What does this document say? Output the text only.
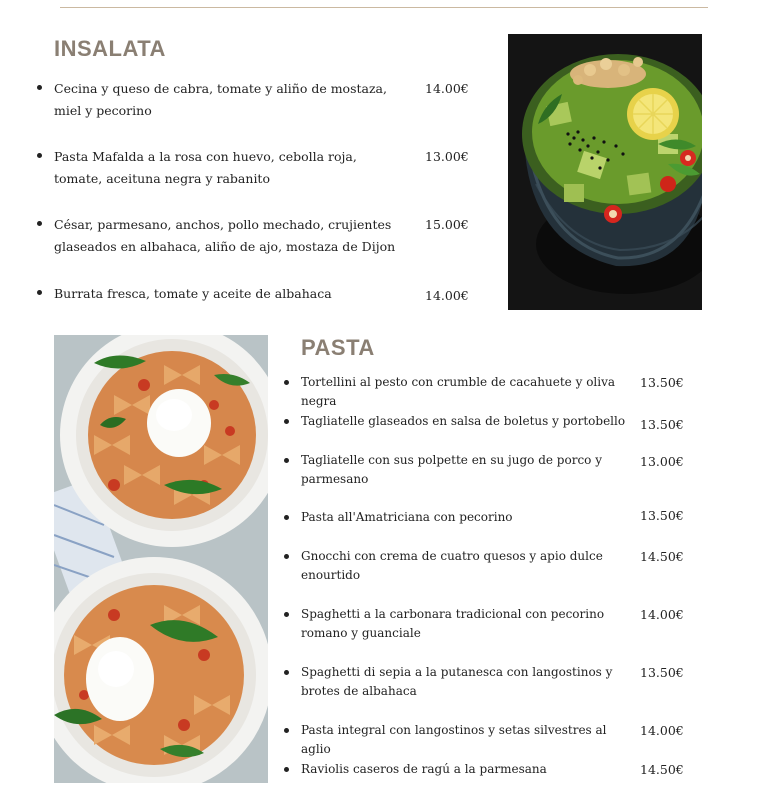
INSALATA
• Cecina y queso de cabra, tomate y aliño de mostaza, miel y pecorino
14.00€
• Pasta Mafalda a la rosa con huevo, cebolla roja, tomate, aceituna negra y rabanito
13.00€
• César, parmesano, anchos, pollo mechado, crujientes glaseados en albahaca, aliño de ajo, mostaza de Dijon
15.00€
• Burrata fresca, tomate y aceite de albahaca	14.00€
PASTA
• Tortellini al pesto con crumble de cacahuete y oliva negra
13.50€
• Tagliatelle glaseados en salsa de boletus y portobello	13.50€
• Tagliatelle con sus polpette en su jugo de porco y parmesano
13.00€
• Pasta all'Amatriciana con pecorino	13.50€
• Gnocchi con crema de cuatro quesos y apio dulce enourtido
14.50€
• Spaghetti a la carbonara tradicional con pecorino romano y guanciale
14.00€
• Spaghetti di sepia a la putanesca con langostinos y brotes de albahaca
13.50€
• Pasta integral con langostinos y setas silvestres al aglio
14.00€
• Raviolis caseros de ragú a la parmesana	14.50€
